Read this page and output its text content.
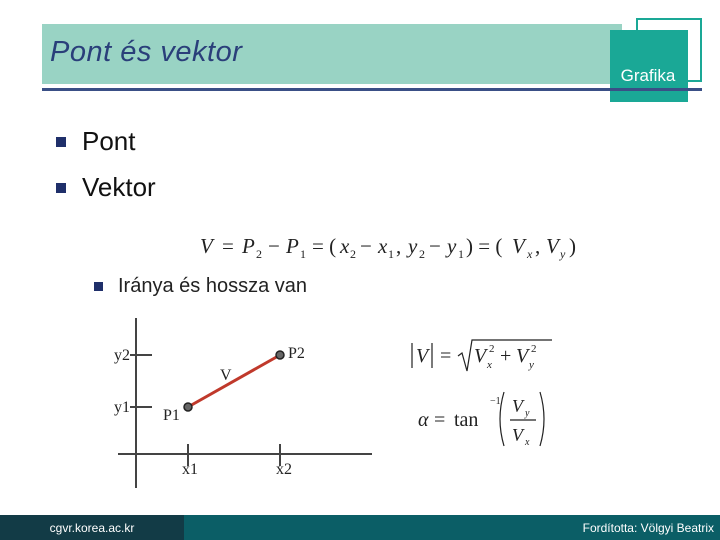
Pont és vektor
Grafika
Pont
Vektor
Iránya és hossza van
V = P 2 − P 1 = ( x 2 − x 1 , y 2 − y 1 ) = ( V x , V y )
y2
y1
x1	x2
P1
P2
V
V = V 2
x + V 2
y
α = tan
−1 V y
V x
cgvr.korea.ac.kr	Fordította: Völgyi Beatrix
